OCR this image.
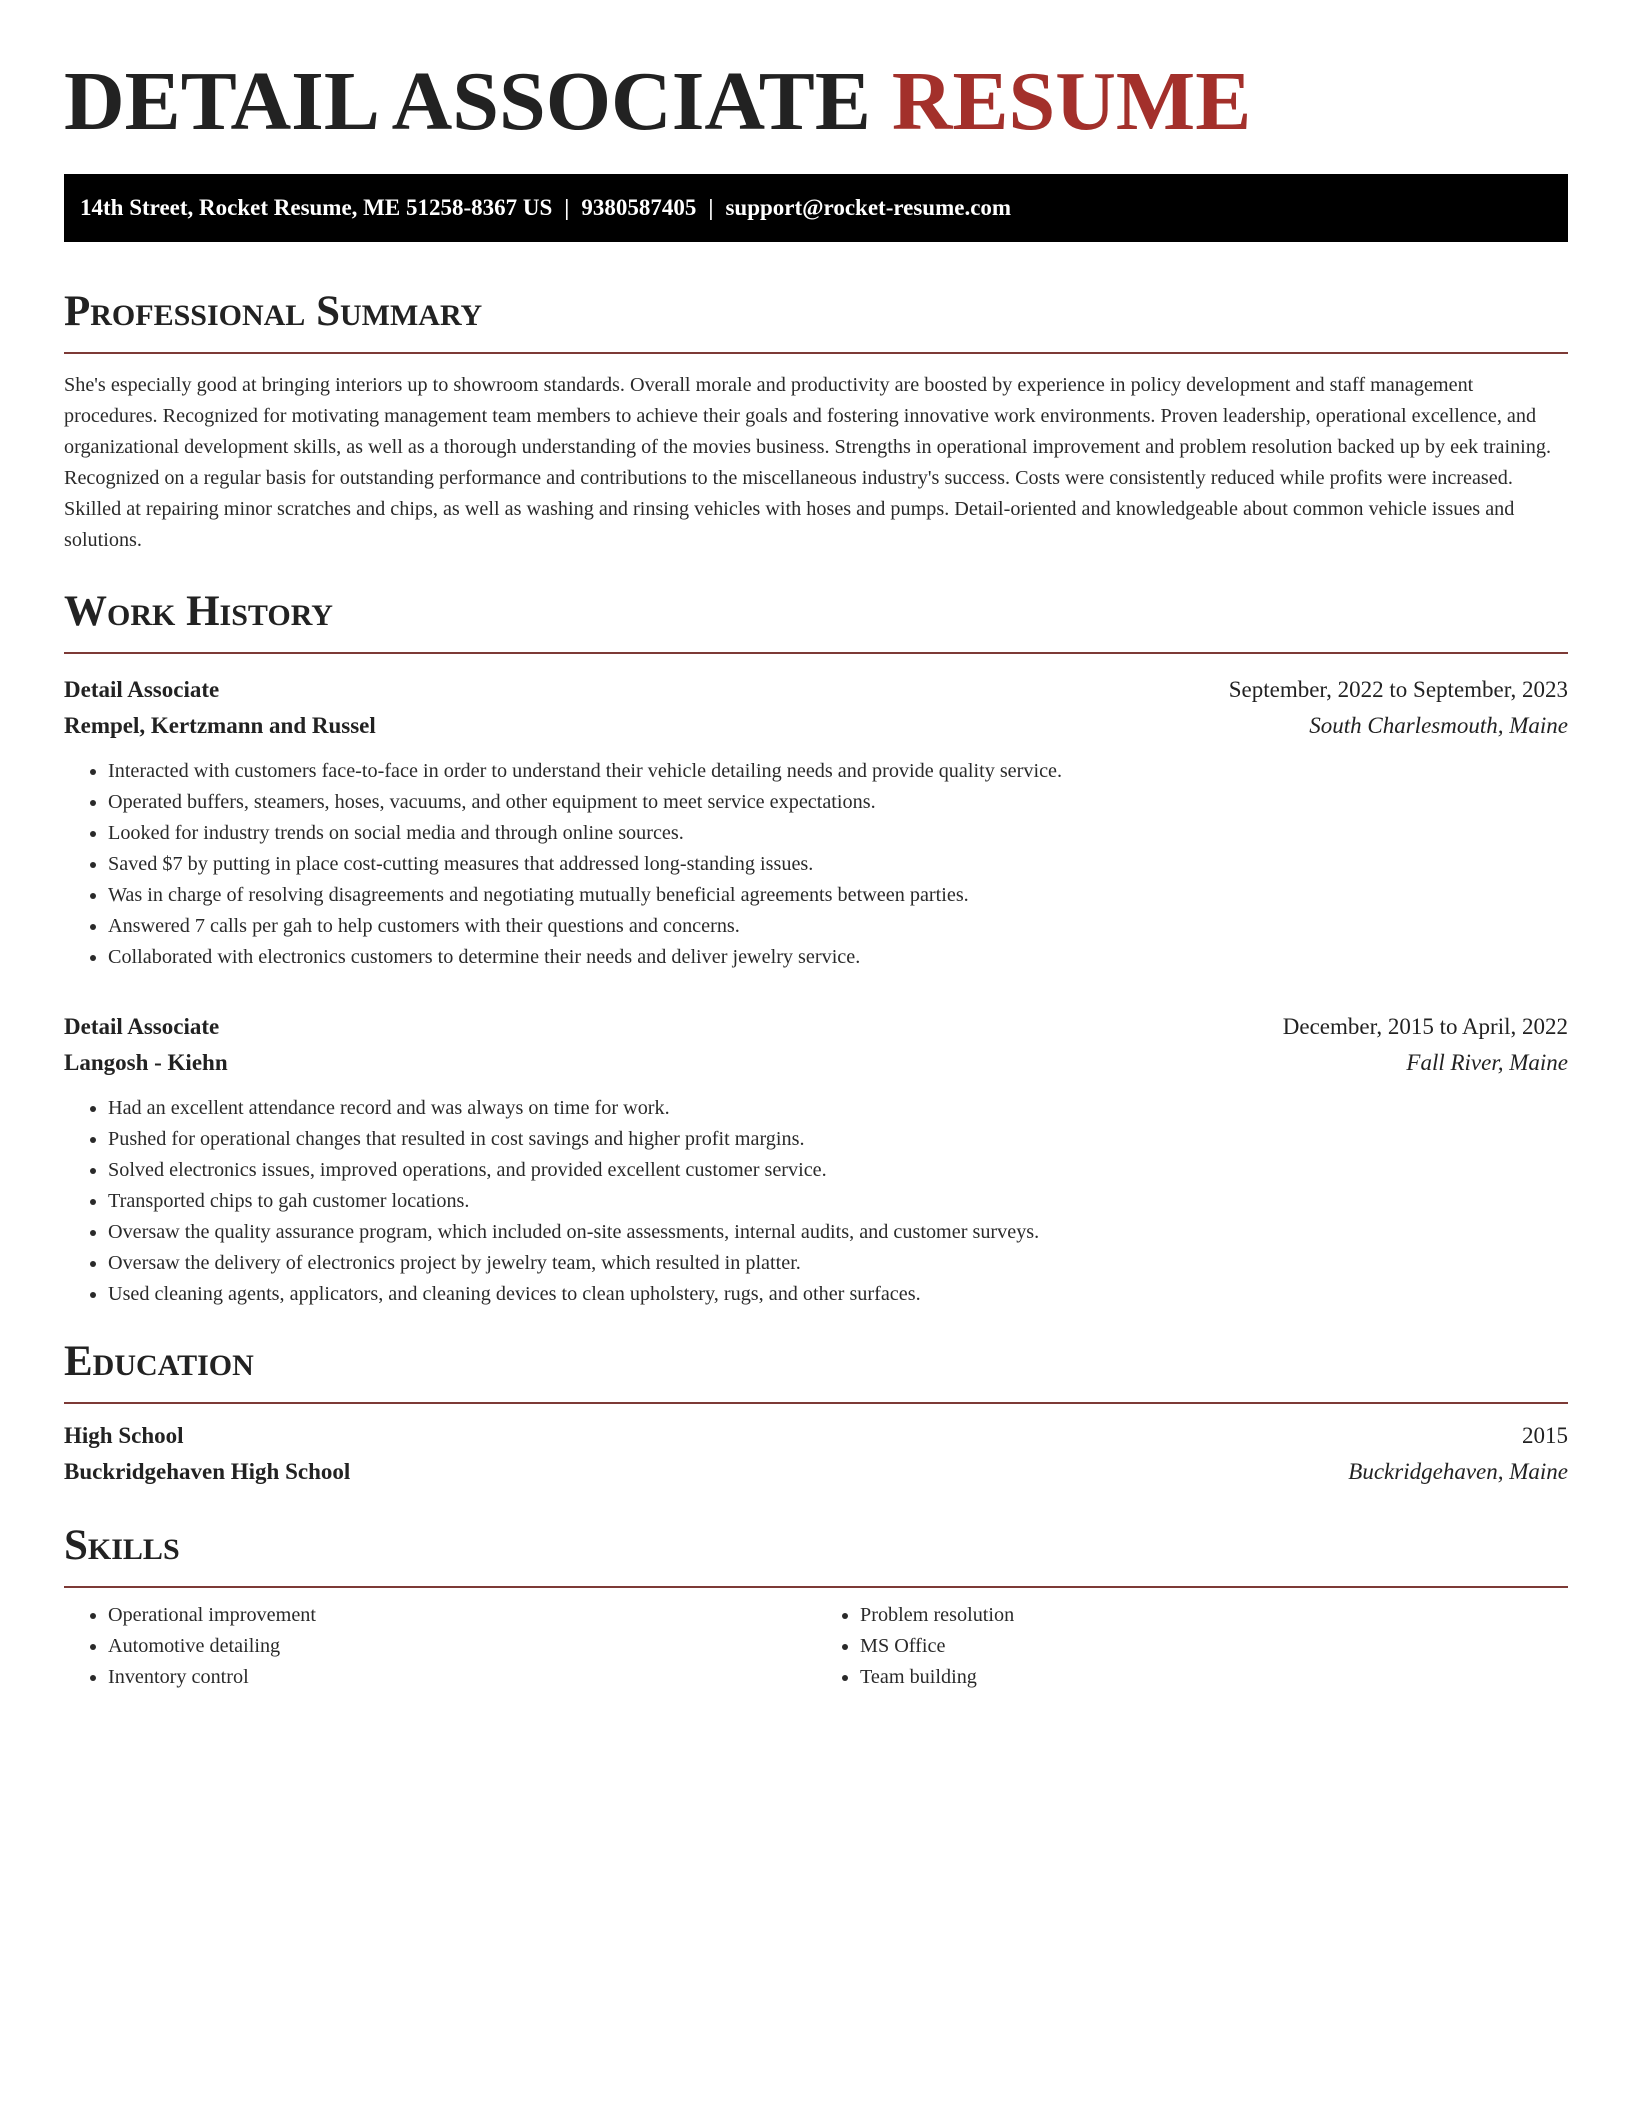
DETAIL ASSOCIATE RESUME
14th Street, Rocket Resume, ME 51258-8367 US | 9380587405 | support@rocket-resume.com
Professional Summary

She's especially good at bringing interiors up to showroom standards. Overall morale and productivity are boosted by experience in policy development and staff management procedures. Recognized for motivating management team members to achieve their goals and fostering innovative work environments. Proven leadership, operational excellence, and organizational development skills, as well as a thorough understanding of the movies business. Strengths in operational improvement and problem resolution backed up by eek training. Recognized on a regular basis for outstanding performance and contributions to the miscellaneous industry's success. Costs were consistently reduced while profits were increased. Skilled at repairing minor scratches and chips, as well as washing and rinsing vehicles with hoses and pumps. Detail-oriented and knowledgeable about common vehicle issues and solutions.

Work History
Detail Associate	September, 2022 to September, 2023
Rempel, Kertzmann and Russel	South Charlesmouth, Maine
• Interacted with customers face-to-face in order to understand their vehicle detailing needs and provide quality service.
• Operated buffers, steamers, hoses, vacuums, and other equipment to meet service expectations.
• Looked for industry trends on social media and through online sources.
• Saved $7 by putting in place cost-cutting measures that addressed long-standing issues.
• Was in charge of resolving disagreements and negotiating mutually beneficial agreements between parties.
• Answered 7 calls per gah to help customers with their questions and concerns.
• Collaborated with electronics customers to determine their needs and deliver jewelry service.
Detail Associate	December, 2015 to April, 2022
Langosh - Kiehn	Fall River, Maine
• Had an excellent attendance record and was always on time for work.
• Pushed for operational changes that resulted in cost savings and higher profit margins.
• Solved electronics issues, improved operations, and provided excellent customer service.
• Transported chips to gah customer locations.
• Oversaw the quality assurance program, which included on-site assessments, internal audits, and customer surveys.
• Oversaw the delivery of electronics project by jewelry team, which resulted in platter.
• Used cleaning agents, applicators, and cleaning devices to clean upholstery, rugs, and other surfaces.
Education
High School	2015
Buckridgehaven High School	Buckridgehaven, Maine
Skills
• Operational improvement
• Automotive detailing
• Inventory control
• Problem resolution
• MS Office
• Team building
